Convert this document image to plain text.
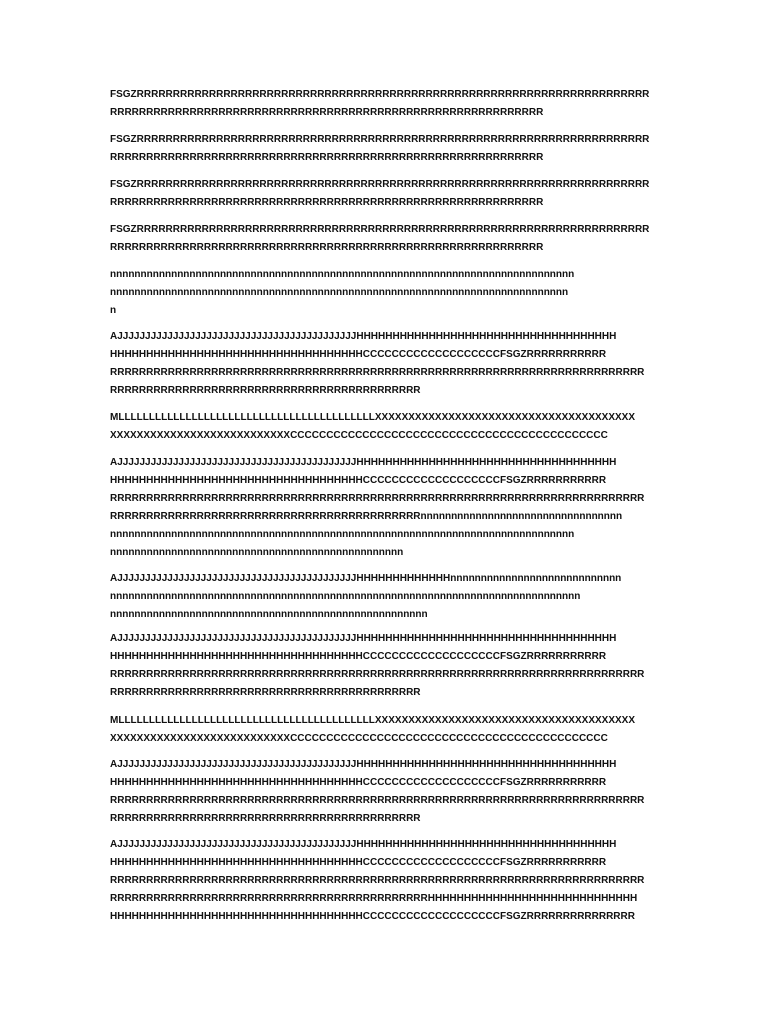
FSGZRRRRRRRRRRRRRRRRRRRRRRRRRRRRRRRRRRRRRRRRRRRRRRRRRRRRRRRRRRRRRRRRRRRRRRR
RRRRRRRRRRRRRRRRRRRRRRRRRRRRRRRRRRRRRRRRRRRRRRRRRRRRRRRRRRRR

FSGZRRRRRRRRRRRRRRRRRRRRRRRRRRRRRRRRRRRRRRRRRRRRRRRRRRRRRRRRRRRRRRRRRRRRRRR
RRRRRRRRRRRRRRRRRRRRRRRRRRRRRRRRRRRRRRRRRRRRRRRRRRRRRRRRRRRR

FSGZRRRRRRRRRRRRRRRRRRRRRRRRRRRRRRRRRRRRRRRRRRRRRRRRRRRRRRRRRRRRRRRRRRRRRRR
RRRRRRRRRRRRRRRRRRRRRRRRRRRRRRRRRRRRRRRRRRRRRRRRRRRRRRRRRRRR

FSGZRRRRRRRRRRRRRRRRRRRRRRRRRRRRRRRRRRRRRRRRRRRRRRRRRRRRRRRRRRRRRRRRRRRRRRR
RRRRRRRRRRRRRRRRRRRRRRRRRRRRRRRRRRRRRRRRRRRRRRRRRRRRRRRRRRRR

nnnnnnnnnnnnnnnnnnnnnnnnnnnnnnnnnnnnnnnnnnnnnnnnnnnnnnnnnnnnnnnnnnnnnnnnnnnn
nnnnnnnnnnnnnnnnnnnnnnnnnnnnnnnnnnnnnnnnnnnnnnnnnnnnnnnnnnnnnnnnnnnnnnnnnnn
n

AJJJJJJJJJJJJJJJJJJJJJJJJJJJJJJJJJJJJJJJJJJJHHHHHHHHHHHHHHHHHHHHHHHHHHHHHHHHHHHH
HHHHHHHHHHHHHHHHHHHHHHHHHHHHHHHHHHHCCCCCCCCCCCCCCCCCCCFSGZRRRRRRRRRRR
RRRRRRRRRRRRRRRRRRRRRRRRRRRRRRRRRRRRRRRRRRRRRRRRRRRRRRRRRRRRRRRRRRRRRRRRRR
RRRRRRRRRRRRRRRRRRRRRRRRRRRRRRRRRRRRRRRRRRR

MLLLLLLLLLLLLLLLLLLLLLLLLLLLLLLLLLLLLLLLLLLXXXXXXXXXXXXXXXXXXXXXXXXXXXXXXXXXXXXXXX
XXXXXXXXXXXXXXXXXXXXXXXXXXXCCCCCCCCCCCCCCCCCCCCCCCCCCCCCCCCCCCCCCCCCCCC

AJJJJJJJJJJJJJJJJJJJJJJJJJJJJJJJJJJJJJJJJJJJHHHHHHHHHHHHHHHHHHHHHHHHHHHHHHHHHHHH
HHHHHHHHHHHHHHHHHHHHHHHHHHHHHHHHHHHCCCCCCCCCCCCCCCCCCCFSGZRRRRRRRRRRR
RRRRRRRRRRRRRRRRRRRRRRRRRRRRRRRRRRRRRRRRRRRRRRRRRRRRRRRRRRRRRRRRRRRRRRRRRR
RRRRRRRRRRRRRRRRRRRRRRRRRRRRRRRRRRRRRRRRRRRnnnnnnnnnnnnnnnnnnnnnnnnnnnnnnnnn
nnnnnnnnnnnnnnnnnnnnnnnnnnnnnnnnnnnnnnnnnnnnnnnnnnnnnnnnnnnnnnnnnnnnnnnnnnnn
nnnnnnnnnnnnnnnnnnnnnnnnnnnnnnnnnnnnnnnnnnnnnnnn

AJJJJJJJJJJJJJJJJJJJJJJJJJJJJJJJJJJJJJJJJJJJHHHHHHHHHHHHHnnnnnnnnnnnnnnnnnnnnnnnnnnnn
nnnnnnnnnnnnnnnnnnnnnnnnnnnnnnnnnnnnnnnnnnnnnnnnnnnnnnnnnnnnnnnnnnnnnnnnnnnnn
nnnnnnnnnnnnnnnnnnnnnnnnnnnnnnnnnnnnnnnnnnnnnnnnnnnn

AJJJJJJJJJJJJJJJJJJJJJJJJJJJJJJJJJJJJJJJJJJJHHHHHHHHHHHHHHHHHHHHHHHHHHHHHHHHHHHH
HHHHHHHHHHHHHHHHHHHHHHHHHHHHHHHHHHHCCCCCCCCCCCCCCCCCCCFSGZRRRRRRRRRRR
RRRRRRRRRRRRRRRRRRRRRRRRRRRRRRRRRRRRRRRRRRRRRRRRRRRRRRRRRRRRRRRRRRRRRRRRRR
RRRRRRRRRRRRRRRRRRRRRRRRRRRRRRRRRRRRRRRRRRR

MLLLLLLLLLLLLLLLLLLLLLLLLLLLLLLLLLLLLLLLLLLXXXXXXXXXXXXXXXXXXXXXXXXXXXXXXXXXXXXXXX
XXXXXXXXXXXXXXXXXXXXXXXXXXXCCCCCCCCCCCCCCCCCCCCCCCCCCCCCCCCCCCCCCCCCCCC

AJJJJJJJJJJJJJJJJJJJJJJJJJJJJJJJJJJJJJJJJJJJHHHHHHHHHHHHHHHHHHHHHHHHHHHHHHHHHHHH
HHHHHHHHHHHHHHHHHHHHHHHHHHHHHHHHHHHCCCCCCCCCCCCCCCCCCCFSGZRRRRRRRRRRR
RRRRRRRRRRRRRRRRRRRRRRRRRRRRRRRRRRRRRRRRRRRRRRRRRRRRRRRRRRRRRRRRRRRRRRRRRR
RRRRRRRRRRRRRRRRRRRRRRRRRRRRRRRRRRRRRRRRRRR

AJJJJJJJJJJJJJJJJJJJJJJJJJJJJJJJJJJJJJJJJJJJHHHHHHHHHHHHHHHHHHHHHHHHHHHHHHHHHHHH
HHHHHHHHHHHHHHHHHHHHHHHHHHHHHHHHHHHCCCCCCCCCCCCCCCCCCCFSGZRRRRRRRRRRR
RRRRRRRRRRRRRRRRRRRRRRRRRRRRRRRRRRRRRRRRRRRRRRRRRRRRRRRRRRRRRRRRRRRRRRRRRR
RRRRRRRRRRRRRRRRRRRRRRRRRRRRRRRRRRRRRRRRRRRRHHHHHHHHHHHHHHHHHHHHHHHHHHHHH
HHHHHHHHHHHHHHHHHHHHHHHHHHHHHHHHHHHCCCCCCCCCCCCCCCCCCCFSGZRRRRRRRRRRRRRRR
